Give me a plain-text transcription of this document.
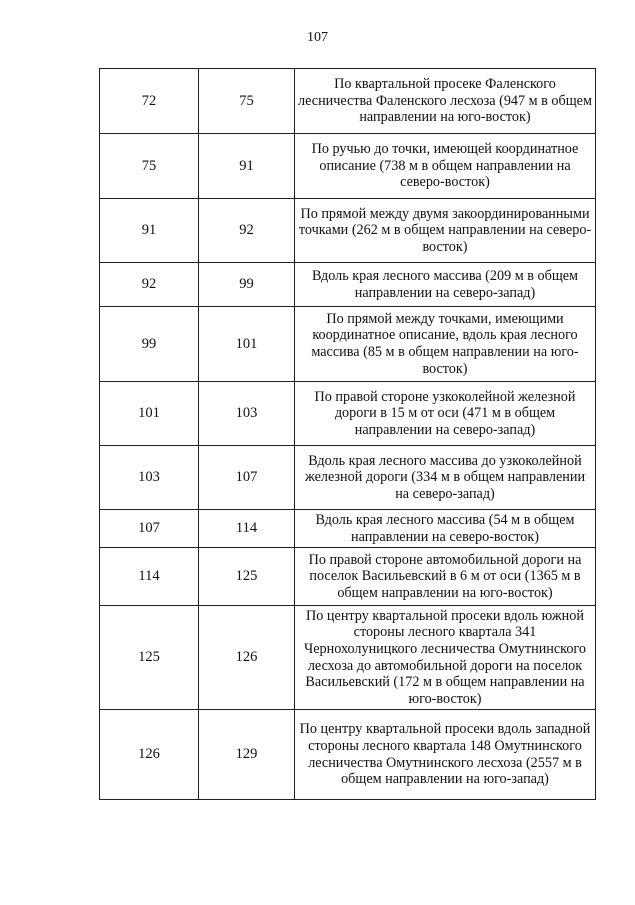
107
72	75	По квартальной просеке Фаленского лесничества Фаленского лесхоза (947 м в общем направлении на юго-восток)
75	91	По ручью до точки, имеющей координатное описание (738 м в общем направлении на северо-восток)
91	92	По прямой между двумя закоординированными точками (262 м в общем направлении на северо-восток)
92	99	Вдоль края лесного массива (209 м в общем направлении на северо-запад)
99	101	По прямой между точками, имеющими координатное описание, вдоль края лесного массива (85 м в общем направлении на юго-восток)
101	103	По правой стороне узкоколейной железной дороги в 15 м от оси (471 м в общем направлении на северо-запад)
103	107	Вдоль края лесного массива до узкоколейной железной дороги (334 м в общем направлении на северо-запад)
107	114	Вдоль края лесного массива (54 м в общем направлении на северо-восток)
114	125	По правой стороне автомобильной дороги на поселок Васильевский в 6 м от оси (1365 м в общем направлении на юго-восток)
125	126	По центру квартальной просеки вдоль южной стороны лесного квартала 341 Чернохолуницкого лесничества Омутнинского лесхоза до автомобильной дороги на поселок Васильевский (172 м в общем направлении на юго-восток)
126	129	По центру квартальной просеки вдоль западной стороны лесного квартала 148 Омутнинского лесничества Омутнинского лесхоза (2557 м в общем направлении на юго-запад)
